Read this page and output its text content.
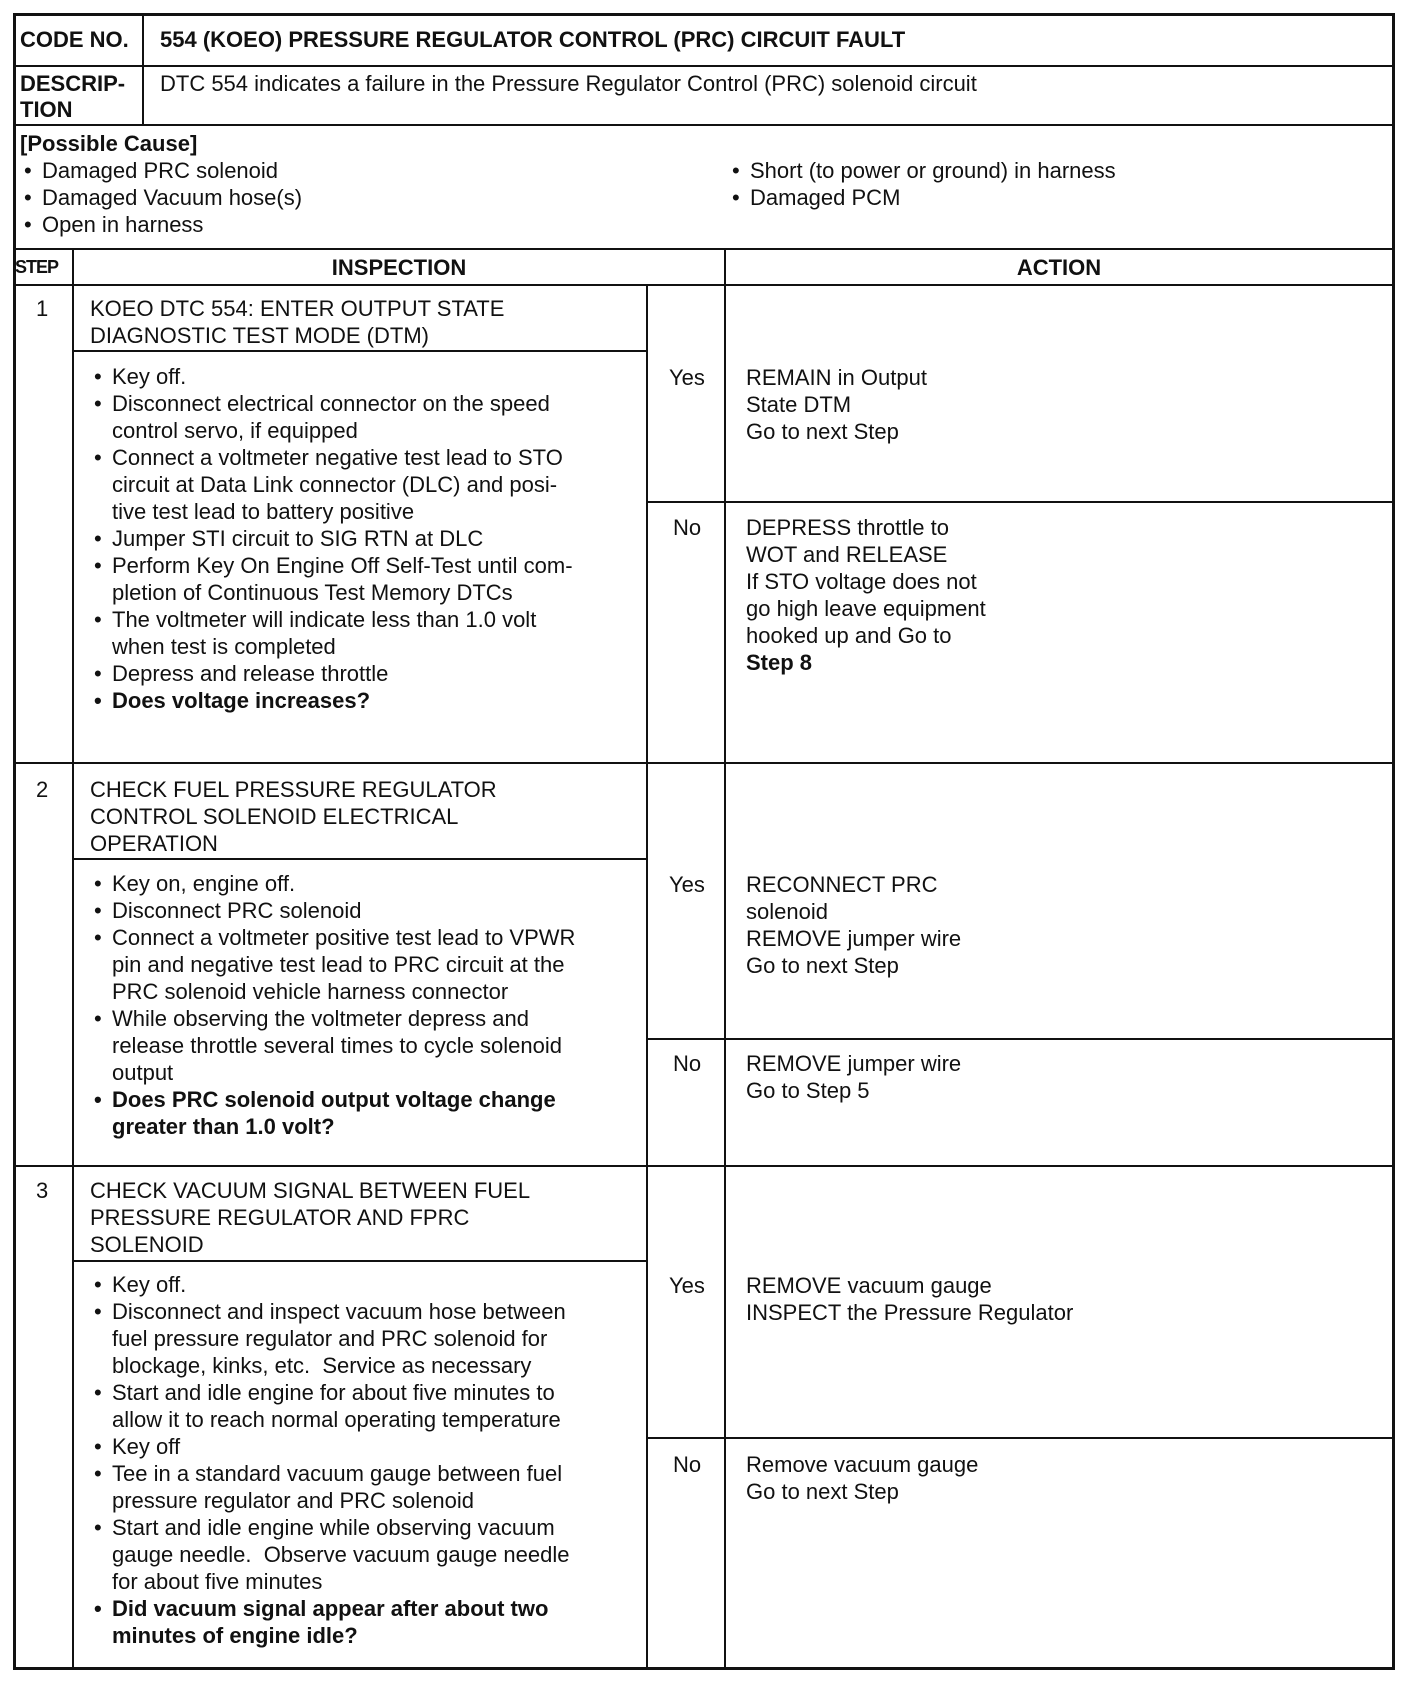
CODE NO. 554 (KOEO) PRESSURE REGULATOR CONTROL (PRC) CIRCUIT FAULT
DESCRIP-
TION
DTC 554 indicates a failure in the Pressure Regulator Control (PRC) solenoid circuit
[Possible Cause]
• Damaged PRC solenoid
• Damaged Vacuum hose(s)
• Open in harness
• Short (to power or ground) in harness
• Damaged PCM
STEP	INSPECTION	ACTION
1 KOEO DTC 554: ENTER OUTPUT STATE
DIAGNOSTIC TEST MODE (DTM)
• Key off.
• Disconnect electrical connector on the speed
control servo, if equipped
• Connect a voltmeter negative test lead to STO
circuit at Data Link connector (DLC) and posi-
tive test lead to battery positive
• Jumper STI circuit to SIG RTN at DLC
• Perform Key On Engine Off Self-Test until com-
pletion of Continuous Test Memory DTCs
• The voltmeter will indicate less than 1.0 volt
when test is completed
• Depress and release throttle
• Does voltage increases?
Yes REMAIN in Output
State DTM
Go to next Step
No DEPRESS throttle to
WOT and RELEASE
If STO voltage does not
go high leave equipment
hooked up and Go to
Step 8
2 CHECK FUEL PRESSURE REGULATOR
CONTROL SOLENOID ELECTRICAL
OPERATION
• Key on, engine off.
• Disconnect PRC solenoid
• Connect a voltmeter positive test lead to VPWR
pin and negative test lead to PRC circuit at the
PRC solenoid vehicle harness connector
• While observing the voltmeter depress and
release throttle several times to cycle solenoid
output
• Does PRC solenoid output voltage change
greater than 1.0 volt?
Yes RECONNECT PRC
solenoid
REMOVE jumper wire
Go to next Step
No REMOVE jumper wire
Go to Step 5
3 CHECK VACUUM SIGNAL BETWEEN FUEL
PRESSURE REGULATOR AND FPRC
SOLENOID
• Key off.
• Disconnect and inspect vacuum hose between
fuel pressure regulator and PRC solenoid for
blockage, kinks, etc.  Service as necessary
• Start and idle engine for about five minutes to
allow it to reach normal operating temperature
• Key off
• Tee in a standard vacuum gauge between fuel
pressure regulator and PRC solenoid
• Start and idle engine while observing vacuum
gauge needle.  Observe vacuum gauge needle
for about five minutes
• Did vacuum signal appear after about two
minutes of engine idle?
Yes REMOVE vacuum gauge
INSPECT the Pressure Regulator
No Remove vacuum gauge
Go to next Step
